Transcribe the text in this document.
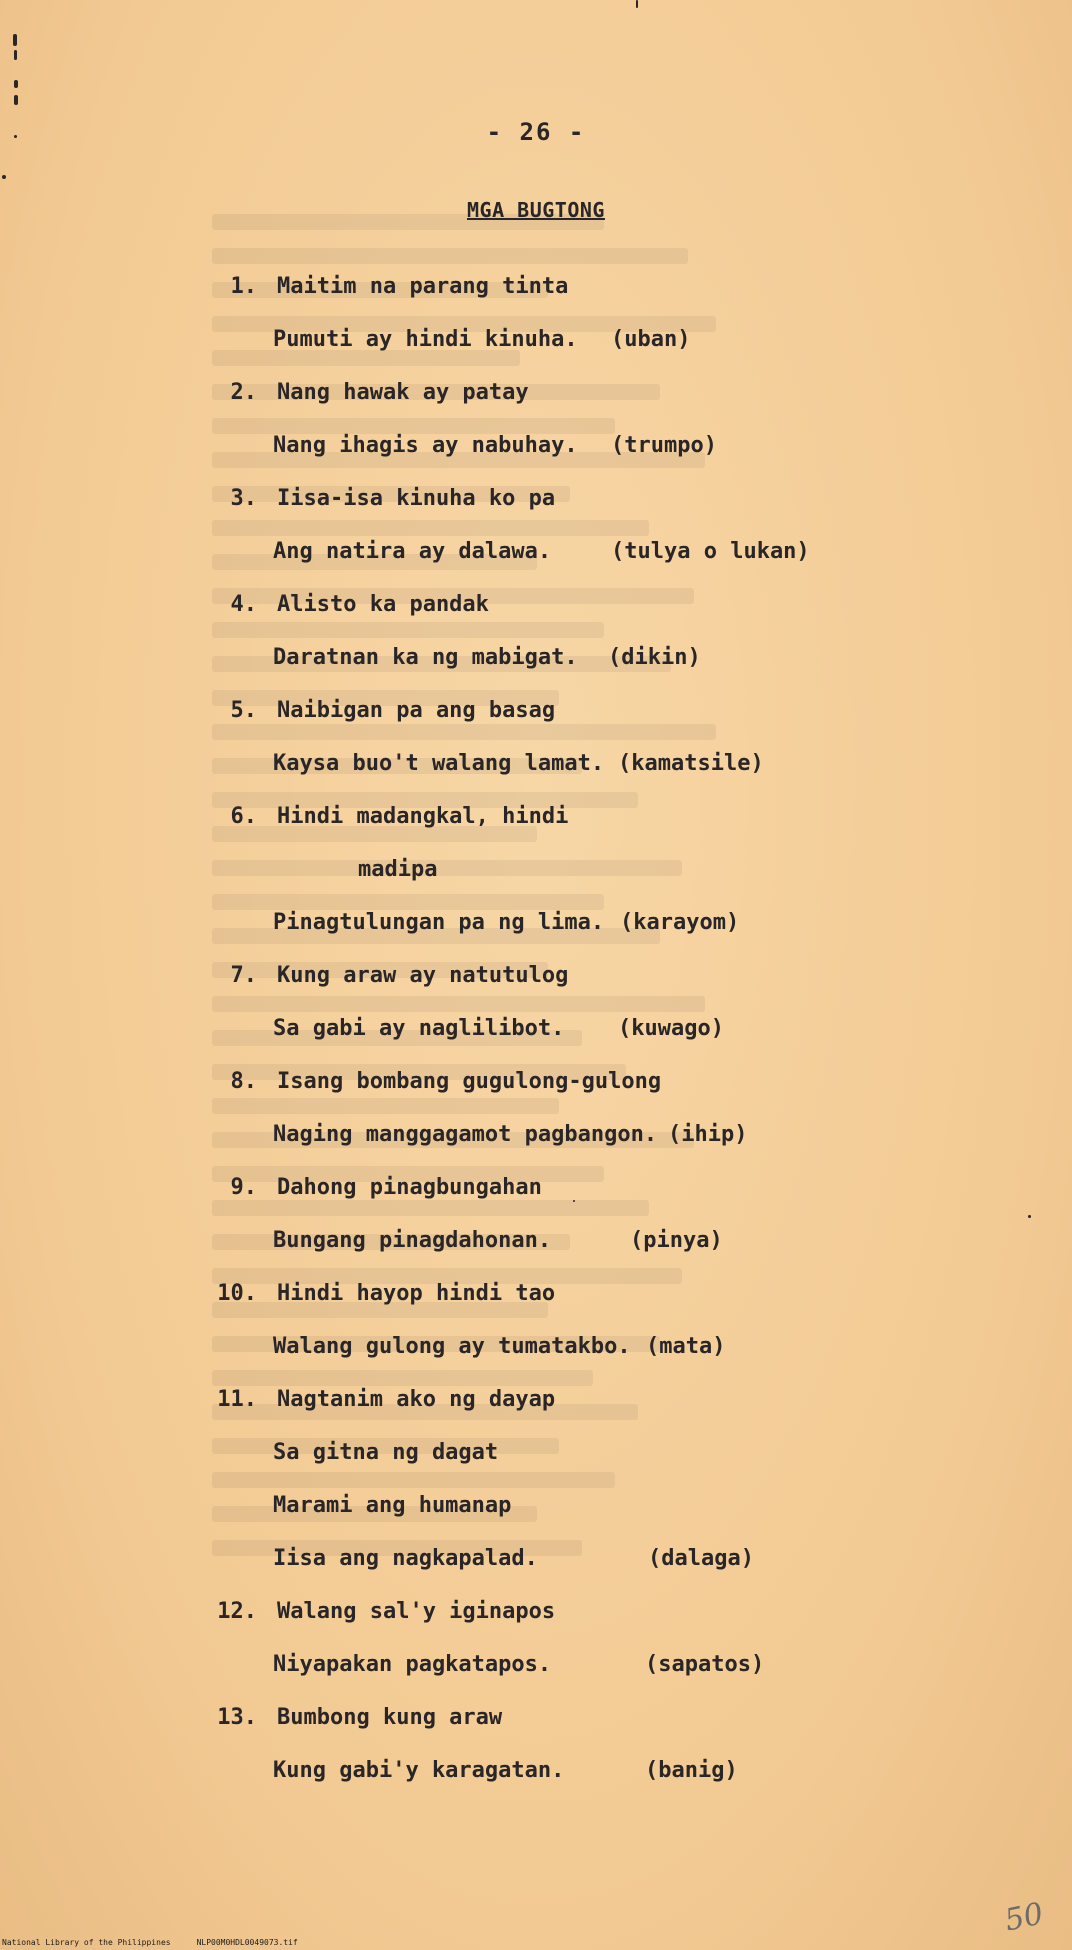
- 26 -
MGA BUGTONG
1. Maitim na parang tinta
Pumuti ay hindi kinuha. (uban)
2. Nang hawak ay patay
Nang ihagis ay nabuhay. (trumpo)
3. Iisa-isa kinuha ko pa
Ang natira ay dalawa.	(tulya o lukan)
4. Alisto ka pandak
Daratnan ka ng mabigat. (dikin)
5. Naibigan pa ang basag
Kaysa buo't walang lamat. (kamatsile)
6. Hindi madangkal, hindi
madipa
Pinagtulungan pa ng lima. (karayom)
7. Kung araw ay natutulog
Sa gabi ay naglilibot. (kuwago)
8. Isang bombang gugulong-gulong
Naging manggagamot pagbangon. (ihip)
9. Dahong pinagbungahan
Bungang pinagdahonan.	(pinya)
10. Hindi hayop hindi tao
Walang gulong ay tumatakbo. (mata)
11. Nagtanim ako ng dayap
Sa gitna ng dagat
Marami ang humanap
Iisa ang nagkapalad.	(dalaga)
12. Walang sal'y iginapos
Niyapakan pagkatapos.	(sapatos)
13. Bumbong kung araw
Kung gabi'y karagatan.	(banig)
50
National Library of the Philippines	NLP00M0HDL0049073.tif
